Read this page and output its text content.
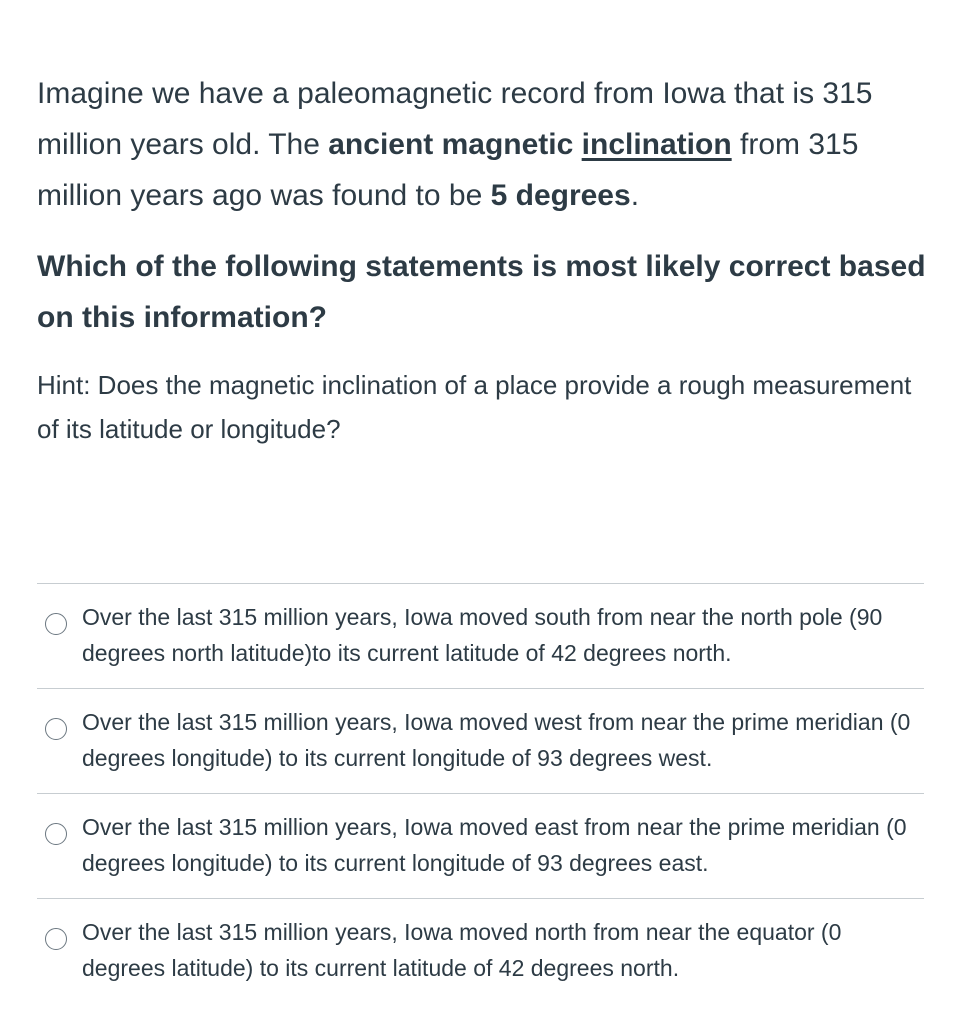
Imagine we have a paleomagnetic record from Iowa that is 315 million years old. The ancient magnetic inclination from 315 million years ago was found to be 5 degrees.

Which of the following statements is most likely correct based on this information?

Hint: Does the magnetic inclination of a place provide a rough measurement of its latitude or longitude?

Over the last 315 million years, Iowa moved south from near the north pole (90 degrees north latitude)to its current latitude of 42 degrees north.
Over the last 315 million years, Iowa moved west from near the prime meridian (0 degrees longitude) to its current longitude of 93 degrees west.
Over the last 315 million years, Iowa moved east from near the prime meridian (0 degrees longitude) to its current longitude of 93 degrees east.
Over the last 315 million years, Iowa moved north from near the equator (0 degrees latitude) to its current latitude of 42 degrees north.
